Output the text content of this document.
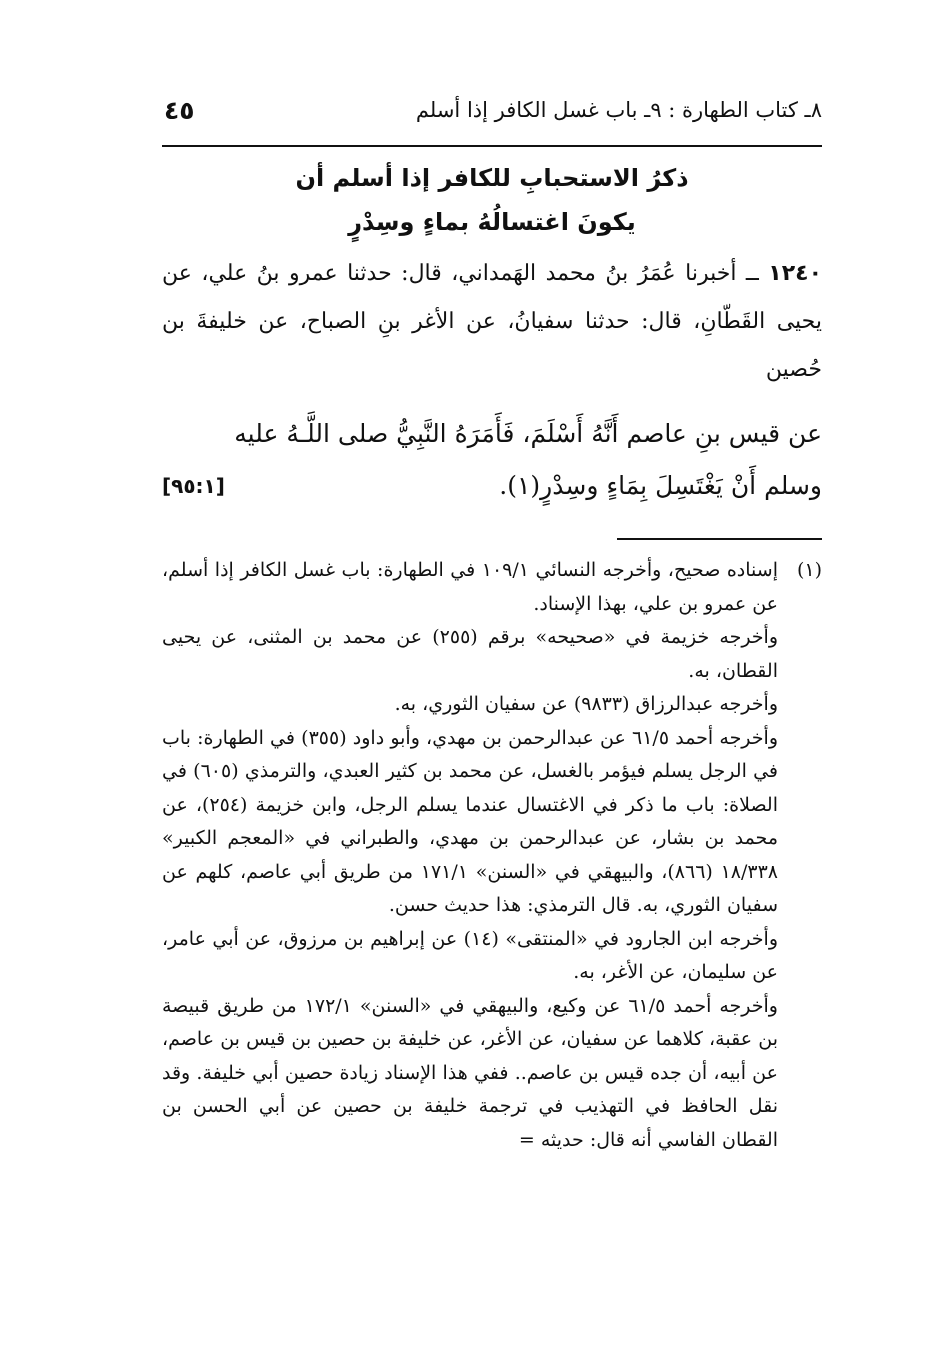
٨ـ كتاب الطهارة : ٩ـ باب غسل الكافر إذا أسلم
٤٥
ذكرُ الاستحبابِ للكافر إذا أسلم أن
يكونَ اغتسالُهُ بماءٍ وسِدْرٍ
١٢٤٠ ــ أخبرنا عُمَرُ بنُ محمد الهَمداني، قال: حدثنا عمرو بنُ علي، عن يحيى القَطّانِ، قال: حدثنا سفيانُ، عن الأغر بنِ الصباح، عن خليفةَ بن حُصين
عن قيس بنِ عاصم أَنَّهُ أَسْلَمَ، فَأَمَرَهُ النَّبِيُّ صلى اللَّـهُ عليه
وسلم أَنْ يَغْتَسِلَ بِمَاءٍ وسِدْرٍ(١).
[٩٥:١]

(١)إسناده صحيح، وأخرجه النسائي ١٠٩/١ في الطهارة: باب غسل الكافر إذا أسلم، عن عمرو بن علي، بهذا الإسناد.

وأخرجه خزيمة في «صحيحه» برقم (٢٥٥) عن محمد بن المثنى، عن يحيى القطان، به.

وأخرجه عبدالرزاق (٩٨٣٣) عن سفيان الثوري، به.

وأخرجه أحمد ٦١/٥ عن عبدالرحمن بن مهدي، وأبو داود (٣٥٥) في الطهارة: باب في الرجل يسلم فيؤمر بالغسل، عن محمد بن كثير العبدي، والترمذي (٦٠٥) في الصلاة: باب ما ذكر في الاغتسال عندما يسلم الرجل، وابن خزيمة (٢٥٤)، عن محمد بن بشار، عن عبدالرحمن بن مهدي، والطبراني في «المعجم الكبير» ١٨/٣٣٨ (٨٦٦)، والبيهقي في «السنن» ١٧١/١ من طريق أبي عاصم، كلهم عن سفيان الثوري، به. قال الترمذي: هذا حديث حسن.

وأخرجه ابن الجارود في «المنتقى» (١٤) عن إبراهيم بن مرزوق، عن أبي عامر، عن سليمان، عن الأغر، به.

وأخرجه أحمد ٦١/٥ عن وكيع، والبيهقي في «السنن» ١٧٢/١ من طريق قبيصة بن عقبة، كلاهما عن سفيان، عن الأغر، عن خليفة بن حصين بن قيس بن عاصم، عن أبيه، أن جده قيس بن عاصم.. ففي هذا الإسناد زيادة حصين أبي خليفة. وقد نقل الحافظ في التهذيب في ترجمة خليفة بن حصين عن أبي الحسن بن القطان الفاسي أنه قال: حديثه =
